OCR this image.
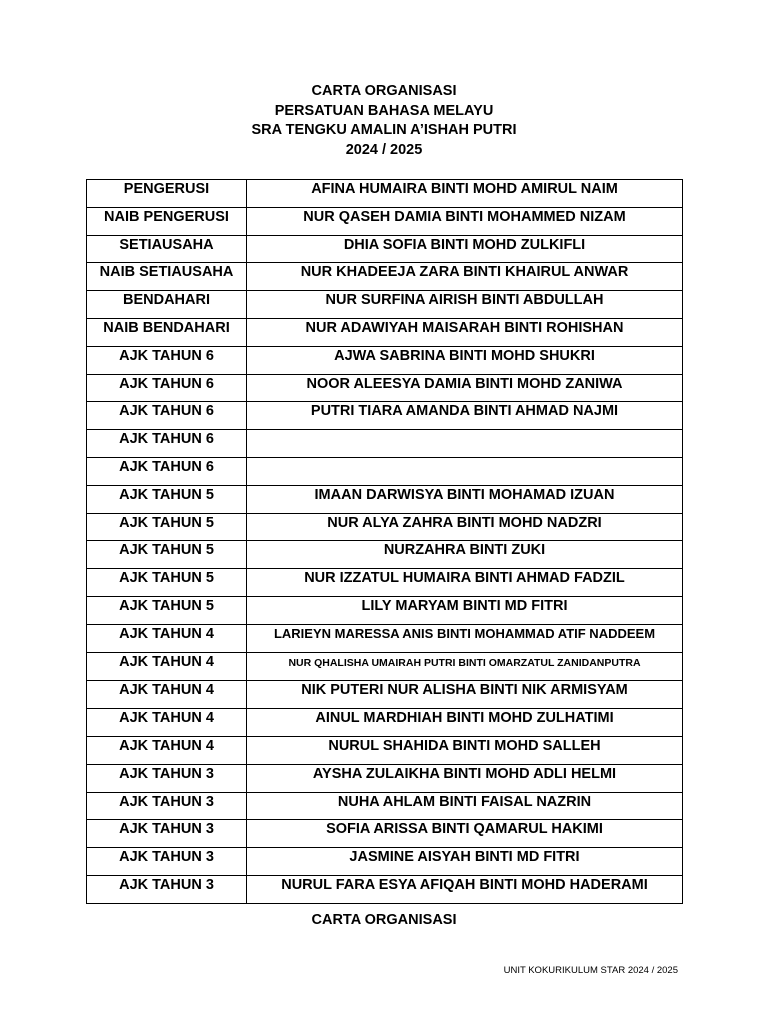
CARTA ORGANISASI
PERSATUAN BAHASA MELAYU
SRA TENGKU AMALIN A’ISHAH PUTRI
2024 / 2025
PENGERUSI	AFINA HUMAIRA BINTI MOHD AMIRUL NAIM
NAIB PENGERUSI	NUR QASEH DAMIA BINTI MOHAMMED NIZAM
SETIAUSAHA	DHIA SOFIA BINTI MOHD ZULKIFLI
NAIB SETIAUSAHA	NUR KHADEEJA ZARA BINTI KHAIRUL ANWAR
BENDAHARI	NUR SURFINA AIRISH BINTI ABDULLAH
NAIB BENDAHARI	NUR ADAWIYAH MAISARAH BINTI ROHISHAN
AJK TAHUN 6	AJWA SABRINA BINTI MOHD SHUKRI
AJK TAHUN 6	NOOR ALEESYA DAMIA BINTI MOHD ZANIWA
AJK TAHUN 6	PUTRI TIARA AMANDA BINTI AHMAD NAJMI
AJK TAHUN 6	
AJK TAHUN 6	
AJK TAHUN 5	IMAAN DARWISYA BINTI MOHAMAD IZUAN
AJK TAHUN 5	NUR ALYA ZAHRA BINTI MOHD NADZRI
AJK TAHUN 5	NURZAHRA BINTI ZUKI
AJK TAHUN 5	NUR IZZATUL HUMAIRA BINTI AHMAD FADZIL
AJK TAHUN 5	LILY MARYAM BINTI MD FITRI
AJK TAHUN 4	LARIEYN MARESSA ANIS BINTI MOHAMMAD ATIF NADDEEM
AJK TAHUN 4	NUR QHALISHA UMAIRAH PUTRI BINTI OMARZATUL ZANIDANPUTRA
AJK TAHUN 4	NIK PUTERI NUR ALISHA BINTI NIK ARMISYAM
AJK TAHUN 4	AINUL MARDHIAH BINTI MOHD ZULHATIMI
AJK TAHUN 4	NURUL SHAHIDA BINTI MOHD SALLEH
AJK TAHUN 3	AYSHA ZULAIKHA BINTI MOHD ADLI HELMI
AJK TAHUN 3	NUHA AHLAM BINTI FAISAL NAZRIN
AJK TAHUN 3	SOFIA ARISSA BINTI QAMARUL HAKIMI
AJK TAHUN 3	JASMINE AISYAH BINTI MD FITRI
AJK TAHUN 3	NURUL FARA ESYA AFIQAH BINTI MOHD HADERAMI
CARTA ORGANISASI
UNIT KOKURIKULUM STAR 2024 / 2025
